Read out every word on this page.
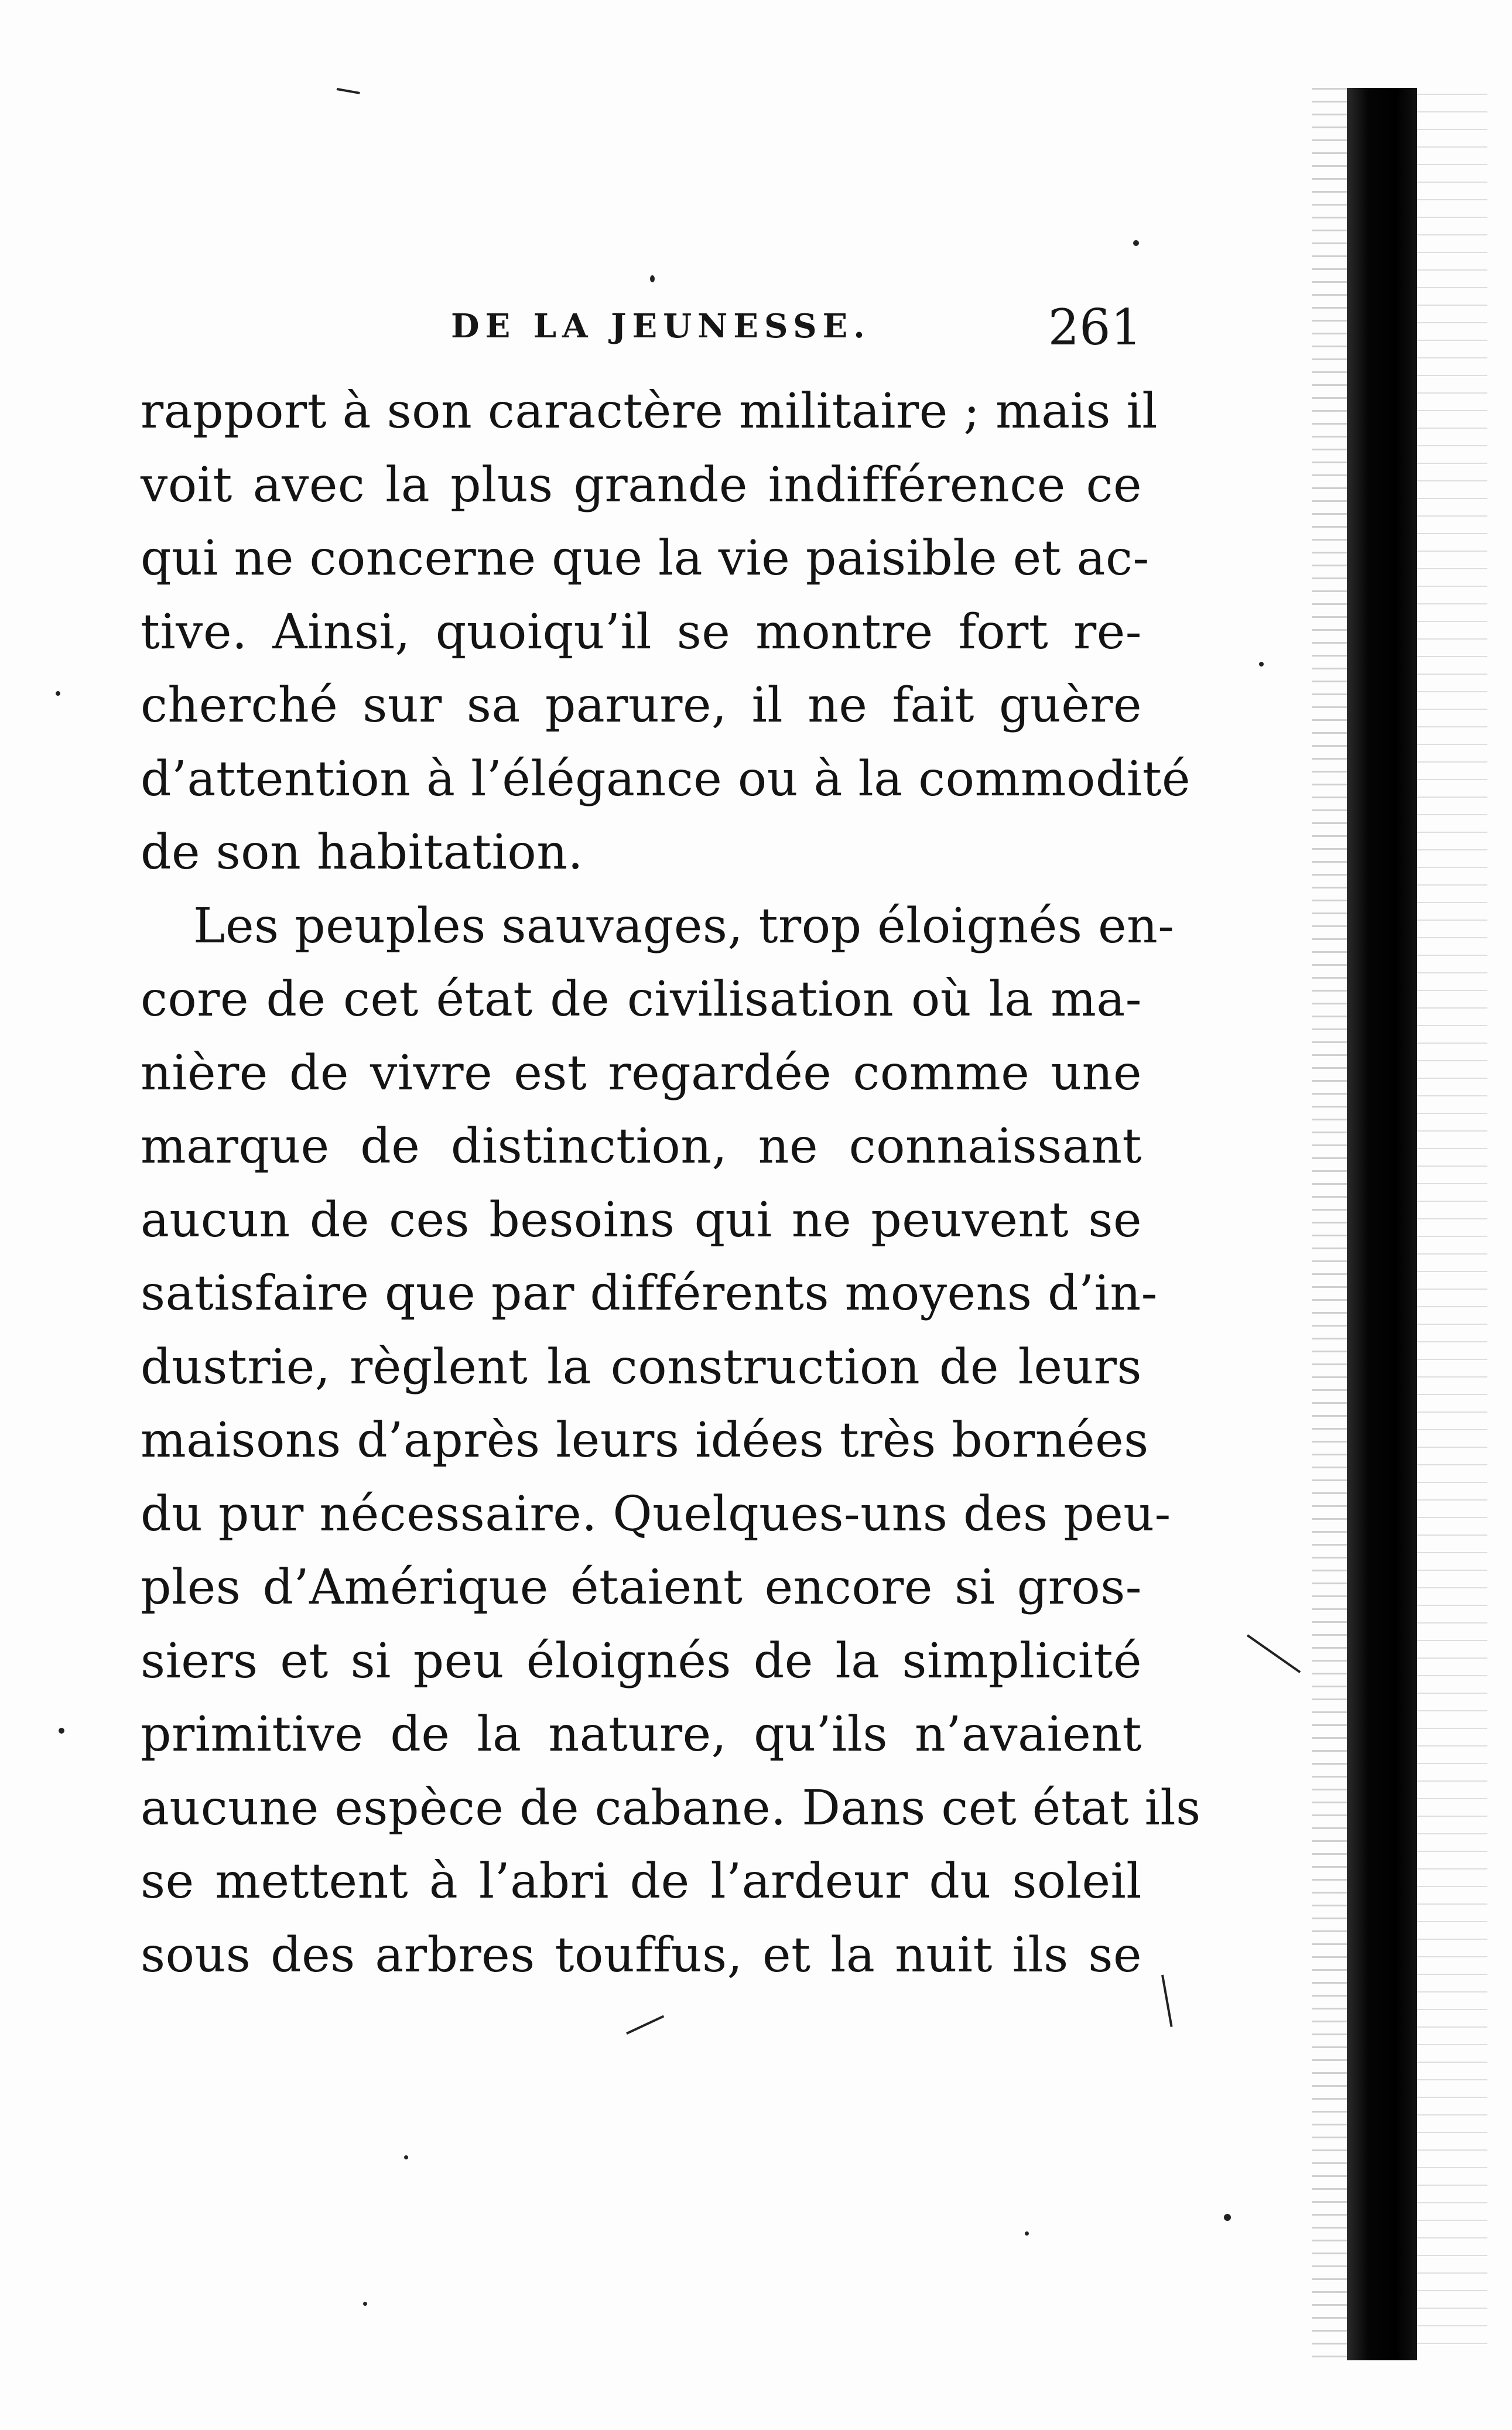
DE LA JEUNESSE.	261
rapport à son caractère militaire ; mais il
voit avec la plus grande indifférence ce
qui ne concerne que la vie paisible et ac-
tive. Ainsi, quoiqu’il se montre fort re-
cherché sur sa parure, il ne fait guère
d’attention à l’élégance ou à la commodité
de son habitation.
Les peuples sauvages, trop éloignés en-
core de cet état de civilisation où la ma-
nière de vivre est regardée comme une
marque de distinction, ne connaissant
aucun de ces besoins qui ne peuvent se
satisfaire que par différents moyens d’in-
dustrie, règlent la construction de leurs
maisons d’après leurs idées très bornées
du pur nécessaire. Quelques-uns des peu-
ples d’Amérique étaient encore si gros-
siers et si peu éloignés de la simplicité
primitive de la nature, qu’ils n’avaient
aucune espèce de cabane. Dans cet état ils
se mettent à l’abri de l’ardeur du soleil
sous des arbres touffus, et la nuit ils se
